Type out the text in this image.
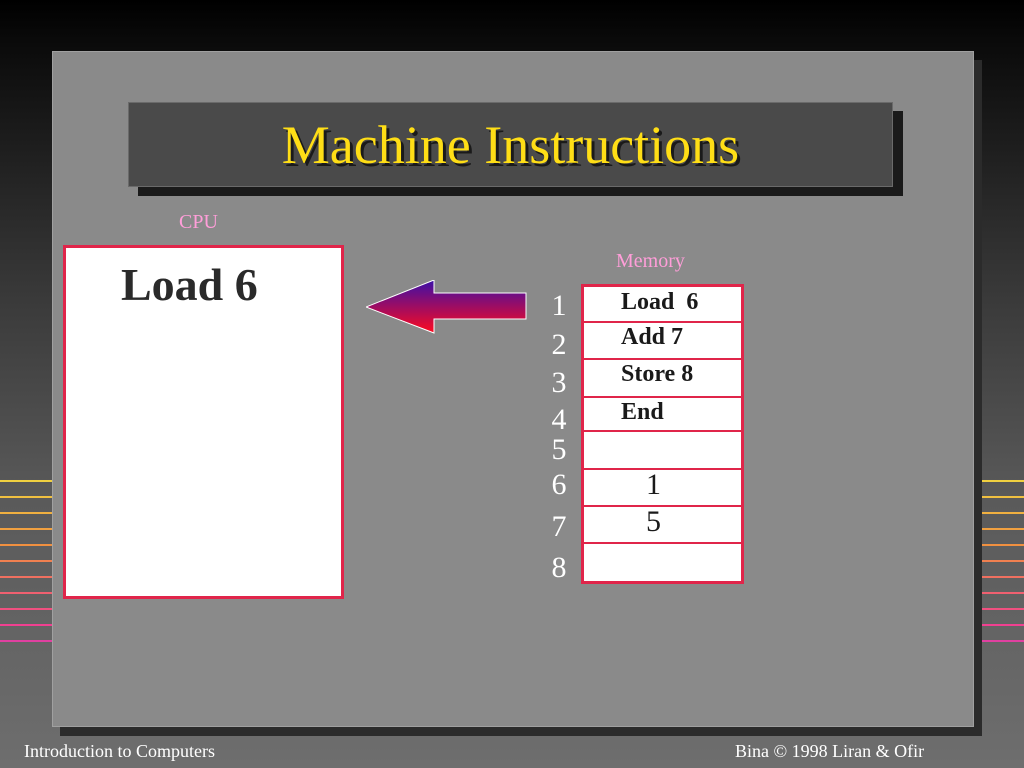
Machine Instructions
CPU
Load 6	Memory
1
2
3
4
5
6
7
8
Load  6
Add 7
Store 8
End
1
5
Introduction to Computers	Bina © 1998 Liran & Ofir
